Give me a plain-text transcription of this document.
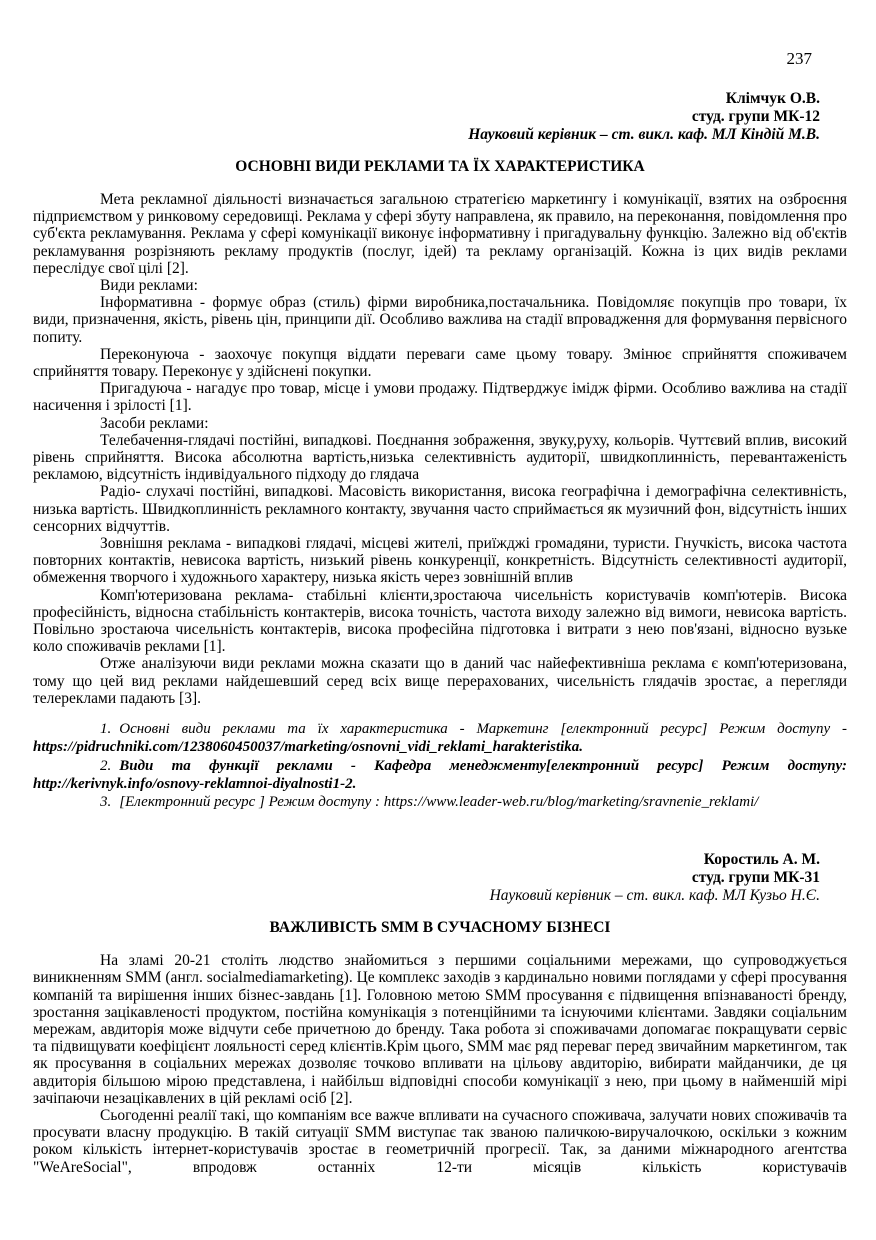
237
Клімчук О.В.
студ. групи МК-12
Науковий керівник – ст. викл. каф. МЛ Кіндій М.В.
ОСНОВНІ ВИДИ РЕКЛАМИ ТА ЇХ ХАРАКТЕРИСТИКА

Мета рекламної діяльності визначається загальною стратегією маркетингу і комунікації, взятих на озброєння підприємством у ринковому середовищі. Реклама у сфері збуту направлена, як правило, на переконання, повідомлення про суб'єкта рекламування. Реклама у сфері комунікації виконує інформативну і пригадувальну функцію. Залежно від об'єктів рекламування розрізняють рекламу продуктів (послуг, ідей) та рекламу організацій. Кожна із цих видів реклами переслідує свої цілі [2].

Види реклами:

Інформативна - формує образ (стиль) фірми виробника,постачальника. Повідомляє покупців про товари, їх види, призначення, якість, рівень цін, принципи дії. Особливо важлива на стадії впровадження для формування первісного попиту.

Переконуюча - заохочує покупця віддати переваги саме цьому товару. Змінює сприйняття споживачем сприйняття товару. Переконує у здійснені покупки.

Пригадуюча - нагадує про товар, місце і умови продажу. Підтверджує імідж фірми. Особливо важлива на стадії насичення і зрілості [1].

Засоби реклами:

Телебачення-глядачі постійні, випадкові. Поєднання зображення, звуку,руху, кольорів. Чуттєвий вплив, високий рівень сприйняття. Висока абсолютна вартість,низька селективність аудиторії, швидкоплинність, перевантаженість рекламою, відсутність індивідуального підходу до глядача

Радіо- слухачі постійні, випадкові. Масовість використання, висока географічна і демографічна селективність, низька вартість. Швидкоплинність рекламного контакту, звучання часто сприймається як музичний фон, відсутність інших сенсорних відчуттів.

Зовнішня реклама - випадкові глядачі, місцеві жителі, приїжджі громадяни, туристи. Гнучкість, висока частота повторних контактів, невисока вартість, низький рівень конкуренції, конкретність. Відсутність селективності аудиторії, обмеження творчого і художнього характеру, низька якість через зовнішній вплив

Комп'ютеризована реклама- стабільні клієнти,зростаюча чисельність користувачів комп'ютерів. Висока професійність, відносна стабільність контактерів, висока точність, частота виходу залежно від вимоги, невисока вартість. Повільно зростаюча чисельність контактерів, висока професійна підготовка і витрати з нею пов'язані, відносно вузьке коло споживачів реклами [1].

Отже аналізуючи види реклами можна сказати що в даний час найефективніша реклама є комп'ютеризована, тому що цей вид реклами найдешевший серед всіх вище перерахованих, чисельність глядачів зростає, а перегляди телереклами падають [3].

1. Основні види реклами та їх характеристика - Маркетинг [електронний ресурс] Режим доступу - https://pidruchniki.com/1238060450037/marketing/osnovni_vidi_reklami_harakteristika.

2. Види та функції реклами - Кафедра менеджменту[електронний ресурс] Режим доступу: http://kerivnyk.info/osnovy-reklamnoi-diyalnosti1-2.

3. [Електронний ресурс ] Режим доступу : https://www.leader-web.ru/blog/marketing/sravnenie_reklami/

Коростиль А. М.
студ. групи МК-31
Науковий керівник – ст. викл. каф. МЛ Кузьо Н.Є.
ВАЖЛИВІСТЬ SMM В СУЧАСНОМУ БІЗНЕСІ

На зламі 20-21 століть людство знайомиться з першими соціальними мережами, що супроводжується виникненням SMM (англ. socialmediamarketing). Це комплекс заходів з кардинально новими поглядами у сфері просування компаній та вирішення інших бізнес-завдань [1]. Головною метою SMM просування є підвищення впізнаваності бренду, зростання зацікавленості продуктом, постійна комунікація з потенційними та існуючими клієнтами. Завдяки соціальним мережам, авдиторія може відчути себе причетною до бренду. Така робота зі споживачами допомагає покращувати сервіс та підвищувати коефіцієнт лояльності серед клієнтів.Крім цього, SMM має ряд переваг перед звичайним маркетингом, так як просування в соціальних мережах дозволяє точково впливати на цільову авдиторію, вибирати майданчики, де ця авдиторія більшою мірою представлена, і найбільш відповідні способи комунікації з нею, при цьому в найменшій мірі зачіпаючи незацікавлених в цій рекламі осіб [2].

Сьогоденні реалії такі, що компаніям все важче впливати на сучасного споживача, залучати нових споживачів та просувати власну продукцію. В такій ситуації SMM виступає так званою паличкою-виручалочкою, оскільки з кожним роком кількість інтернет-користувачів зростає в геометричній прогресії. Так, за даними міжнародного агентства "WeAreSocial", впродовж останніх 12-ти місяців кількість користувачів
